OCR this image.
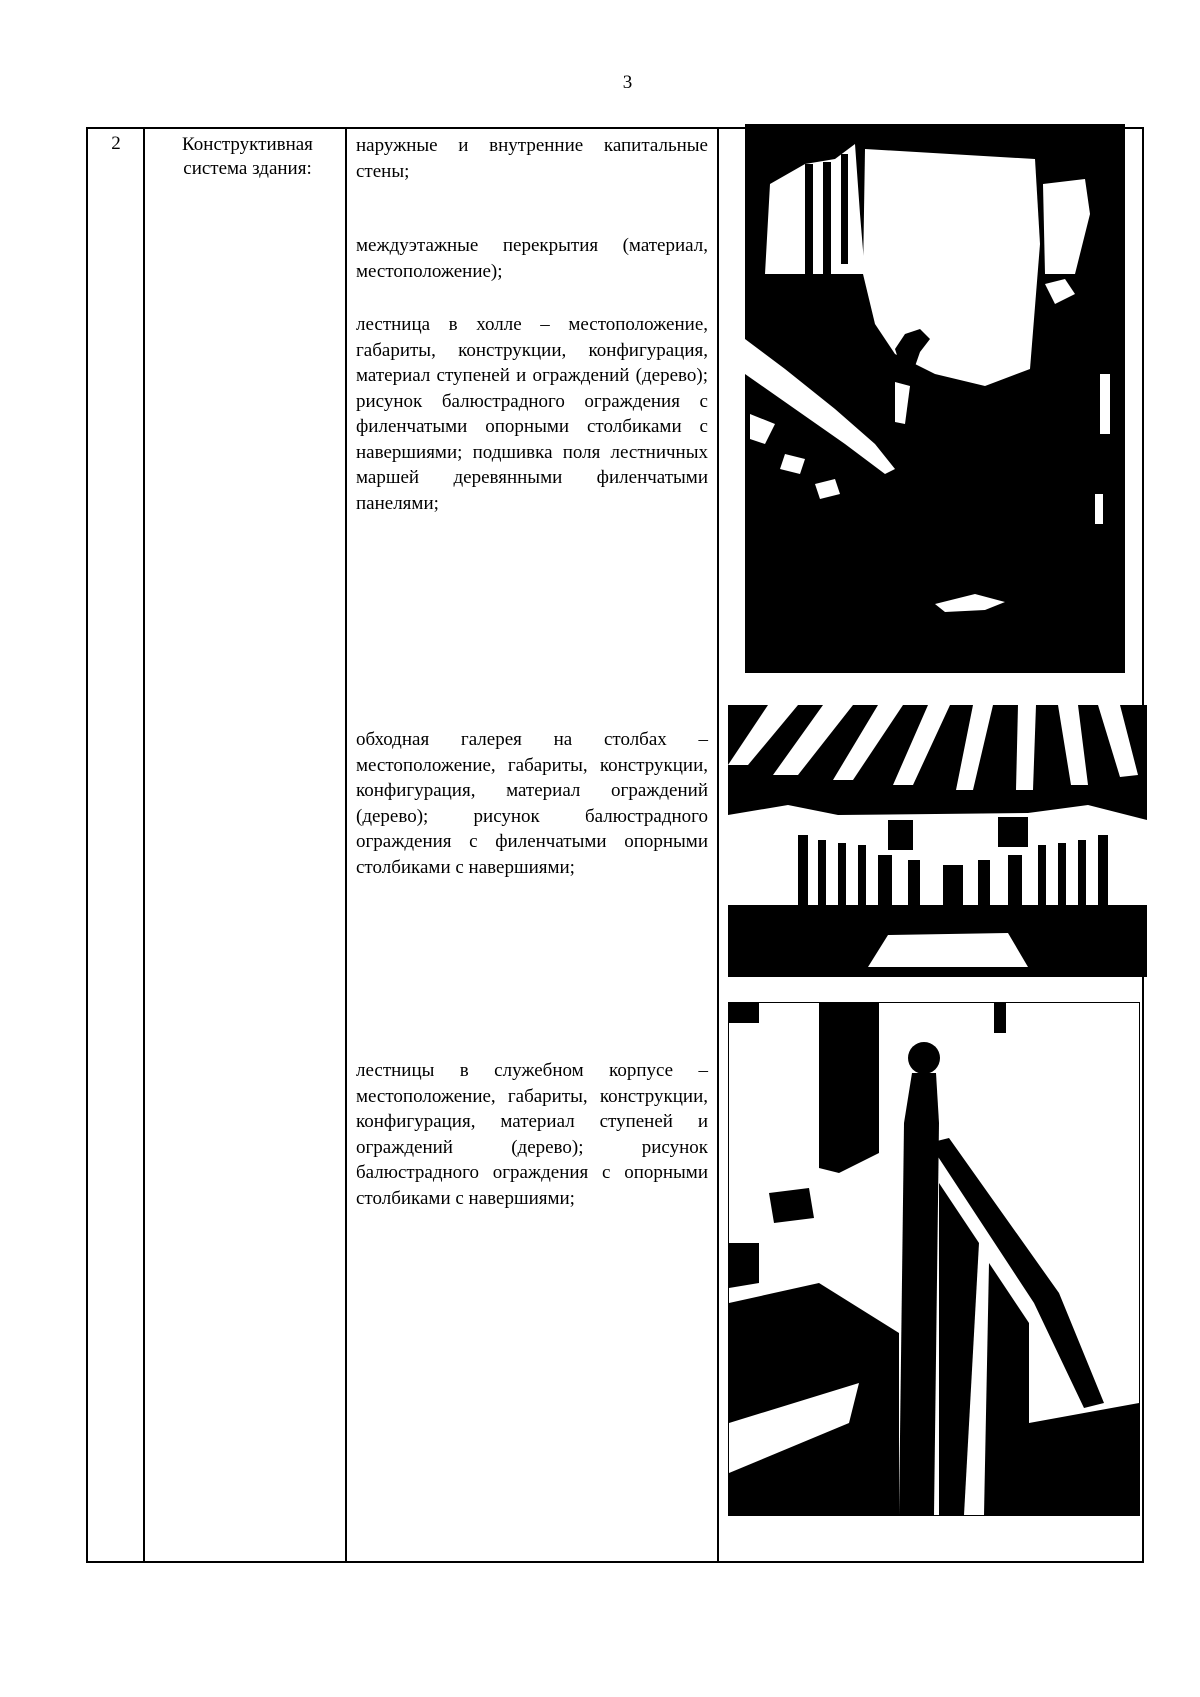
3
2	Конструктивная система здания:
наружные и внутренние капитальные стены;
междуэтажные перекрытия (материал, местоположение);
лестница в холле – местоположение, габариты, конструкции, конфигурация, материал ступеней и ограждений (дерево); рисунок балюстрадного ограждения с филенчатыми опорными столбиками с навершиями; подшивка поля лестничных маршей деревянными филенчатыми панелями;
обходная галерея на столбах – местоположение, габариты, конструкции, конфигурация, материал ограждений (дерево); рисунок балюстрадного ограждения с филенчатыми опорными столбиками с навершиями;
лестницы в служебном корпусе – местоположение, габариты, конструкции, конфигурация, материал ступеней и ограждений (дерево); рисунок балюстрадного ограждения с опорными столбиками с навершиями;
